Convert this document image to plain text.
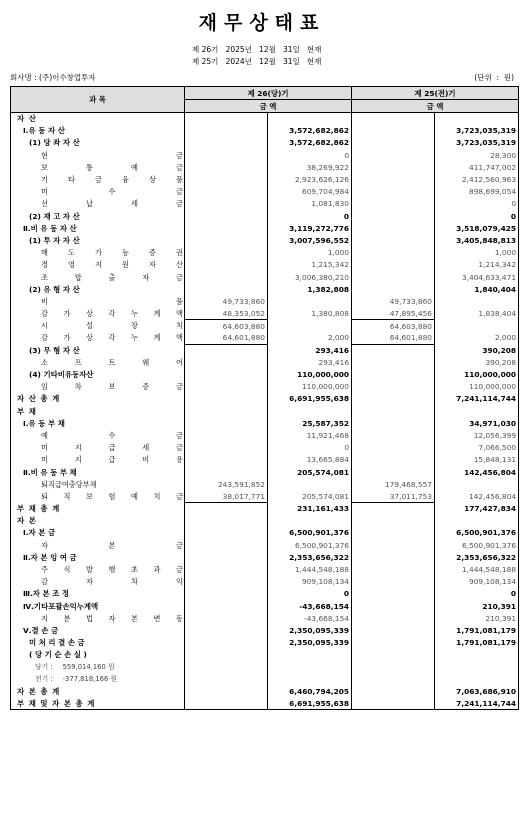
재무상태표
제 26기   2025년   12월   31일   현재
제 25기   2024년   12월   31일   현재
회사명 : (주)이수창업투자	(단위  :  원)
과 목	제 26(당)기		제 25(전)기	
	금 액		금 액	
자 산				
Ⅰ.유 동 자 산		3,572,682,862		3,723,035,319
(1) 당 좌 자 산		3,572,682,862		3,723,035,319
현 금		0		28,300
보 통 예 금		38,269,922		411,747,002
기 타 금 융 상 품		2,923,626,126		2,412,560,963
미 수 금		609,704,984		898,699,054
선 납 세 금		1,081,830		0
(2) 재 고 자 산		0		0
Ⅱ.비 유 동 자 산		3,119,272,776		3,518,079,425
(1) 투 자 자 산		3,007,596,552		3,405,848,813
매 도 가 능 증 권		1,000		1,000
경 영 지 원 자 산		1,215,342		1,214,342
조 합 출 자 금		3,006,380,210		3,404,633,471
(2) 유 형 자 산		1,382,808		1,840,404
비 품	49,733,860		49,733,860	
감 가 상 각 누 계 액	48,353,052	1,380,808	47,895,456	1,838,404
시 설 장 치	64,603,880		64,603,880	
감 가 상 각 누 계 액	64,601,880	2,000	64,601,880	2,000
(3) 무 형 자 산		293,416		390,208
소 프 트 웨 어		293,416		390,208
(4) 기타비유동자산		110,000,000		110,000,000
임 차 보 증 금		110,000,000		110,000,000
자 산 총 계		6,691,955,638		7,241,114,744
부 채				
Ⅰ.유 동 부 채		25,587,352		34,971,030
예 수 금		11,921,468		12,056,399
미 지 급 세 금		0		7,066,500
미 지 급 비 용		13,665,884		15,848,131
Ⅱ.비 유 동 부 채		205,574,081		142,456,804
퇴직급여충당부채	243,591,852		179,468,557	
퇴 직 보 험 예 치 금	38,017,771	205,574,081	37,011,753	142,456,804
부 채 총 계		231,161,433		177,427,834
자 본				
Ⅰ.자 본 금		6,500,901,376		6,500,901,376
자 본 금		6,500,901,376		6,500,901,376
Ⅱ.자 본 잉 여 금		2,353,656,322		2,353,656,322
주 식 발 행 초 과 금		1,444,548,188		1,444,548,188
감 자 차 익		909,108,134		909,108,134
Ⅲ.자 본 조 정		0		0
Ⅳ.기타포괄손익누계액		-43,668,154		210,391
지 분 법 자 본 변 동		-43,668,154		210,391
Ⅴ.결 손 금		2,350,095,339		1,791,081,179
미 처 리 결 손 금		2,350,095,339		1,791,081,179
( 당 기 순 손 실 )				
당기 : 559,014,160 원				
전기 : -377,818,166 원				
자 본 총 계		6,460,794,205		7,063,686,910
부 채 및 자 본 총 계		6,691,955,638		7,241,114,744
